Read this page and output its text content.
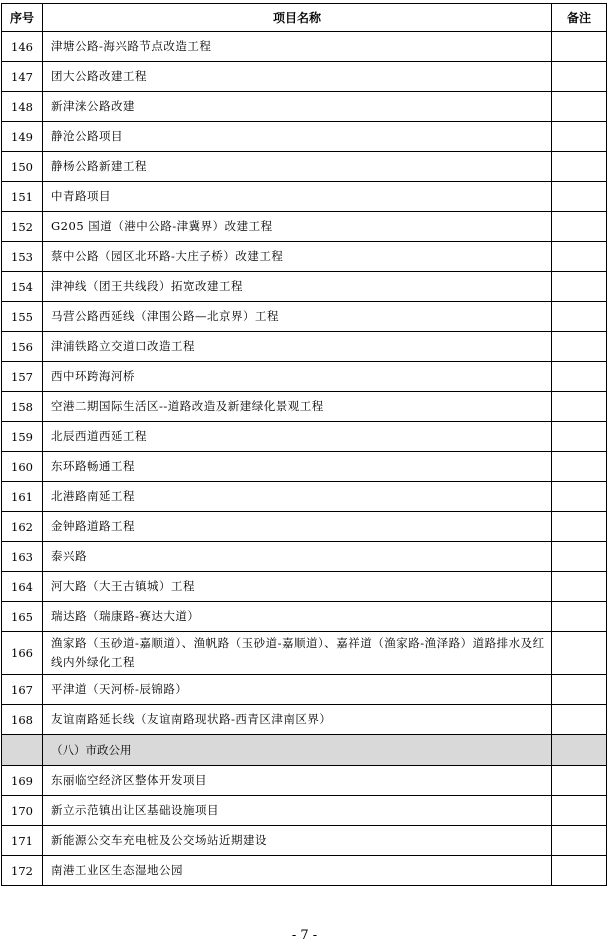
序号	项目名称	备注
146	津塘公路-海兴路节点改造工程	
147	团大公路改建工程	
148	新津涞公路改建	
149	静沧公路项目	
150	静杨公路新建工程	
151	中青路项目	
152	G205 国道（港中公路-津冀界）改建工程	
153	蔡中公路（园区北环路-大庄子桥）改建工程	
154	津神线（团王共线段）拓宽改建工程	
155	马营公路西延线（津围公路—北京界）工程	
156	津浦铁路立交道口改造工程	
157	西中环跨海河桥	
158	空港二期国际生活区--道路改造及新建绿化景观工程	
159	北辰西道西延工程	
160	东环路畅通工程	
161	北港路南延工程	
162	金钟路道路工程	
163	泰兴路	
164	河大路（大王古镇城）工程	
165	瑞达路（瑞康路-赛达大道）	
166	渔家路（玉砂道-嘉顺道）、渔帆路（玉砂道-嘉顺道）、嘉祥道（渔家路-渔泽路）道路排水及红线内外绿化工程	
167	平津道（天河桥-辰锦路）	
168	友谊南路延长线（友谊南路现状路-西青区津南区界）	
	（八）市政公用	
169	东丽临空经济区整体开发项目	
170	新立示范镇出让区基础设施项目	
171	新能源公交车充电桩及公交场站近期建设	
172	南港工业区生态湿地公园	
- 7 -
